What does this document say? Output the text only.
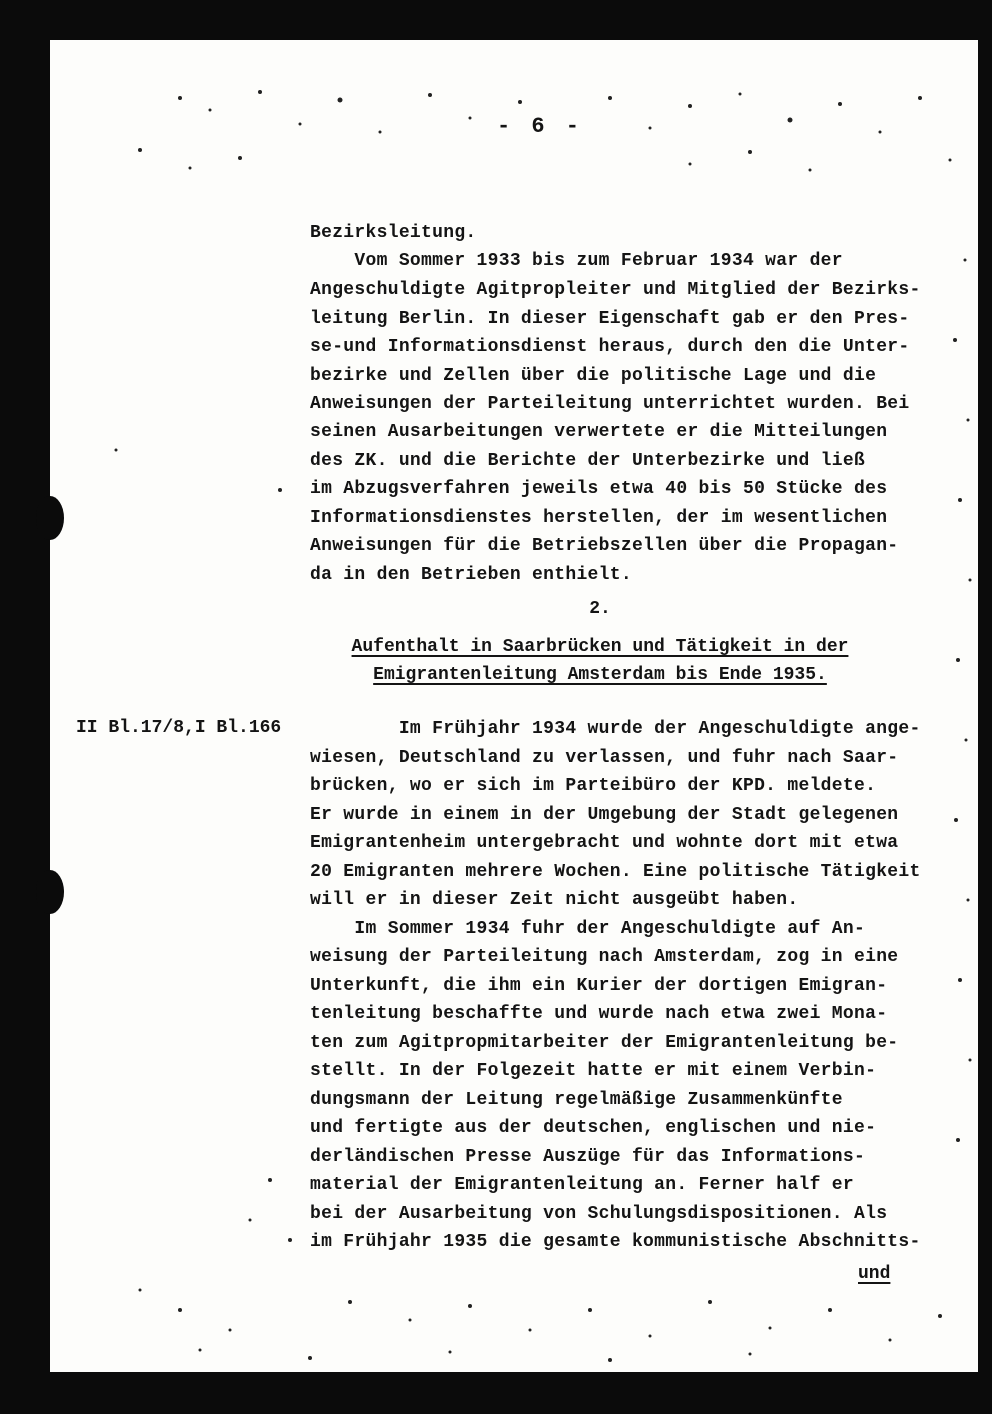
- 6 -
Bezirksleitung.
Vom Sommer 1933 bis zum Februar 1934 war der
Angeschuldigte Agitpropleiter und Mitglied der Bezirks-
leitung Berlin. In dieser Eigenschaft gab er den Pres-
se-und Informationsdienst heraus, durch den die Unter-
bezirke und Zellen über die politische Lage und die
Anweisungen der Parteileitung unterrichtet wurden. Bei
seinen Ausarbeitungen verwertete er die Mitteilungen
des ZK. und die Berichte der Unterbezirke und ließ
im Abzugsverfahren jeweils etwa 40 bis 50 Stücke des
Informationsdienstes herstellen, der im wesentlichen
Anweisungen für die Betriebszellen über die Propagan-
da in den Betrieben enthielt.
2.
Aufenthalt in Saarbrücken und Tätigkeit in der
Emigrantenleitung Amsterdam bis Ende 1935.
II Bl.17/8,I Bl.166 Im Frühjahr 1934 wurde der Angeschuldigte ange-
wiesen, Deutschland zu verlassen, und fuhr nach Saar-
brücken, wo er sich im Parteibüro der KPD. meldete.
Er wurde in einem in der Umgebung der Stadt gelegenen
Emigrantenheim untergebracht und wohnte dort mit etwa
20 Emigranten mehrere Wochen. Eine politische Tätigkeit
will er in dieser Zeit nicht ausgeübt haben.
Im Sommer 1934 fuhr der Angeschuldigte auf An-
weisung der Parteileitung nach Amsterdam, zog in eine
Unterkunft, die ihm ein Kurier der dortigen Emigran-
tenleitung beschaffte und wurde nach etwa zwei Mona-
ten zum Agitpropmitarbeiter der Emigrantenleitung be-
stellt. In der Folgezeit hatte er mit einem Verbin-
dungsmann der Leitung regelmäßige Zusammenkünfte
und fertigte aus der deutschen, englischen und nie-
derländischen Presse Auszüge für das Informations-
material der Emigrantenleitung an. Ferner half er
bei der Ausarbeitung von Schulungsdispositionen. Als
im Frühjahr 1935 die gesamte kommunistische Abschnitts-
und
